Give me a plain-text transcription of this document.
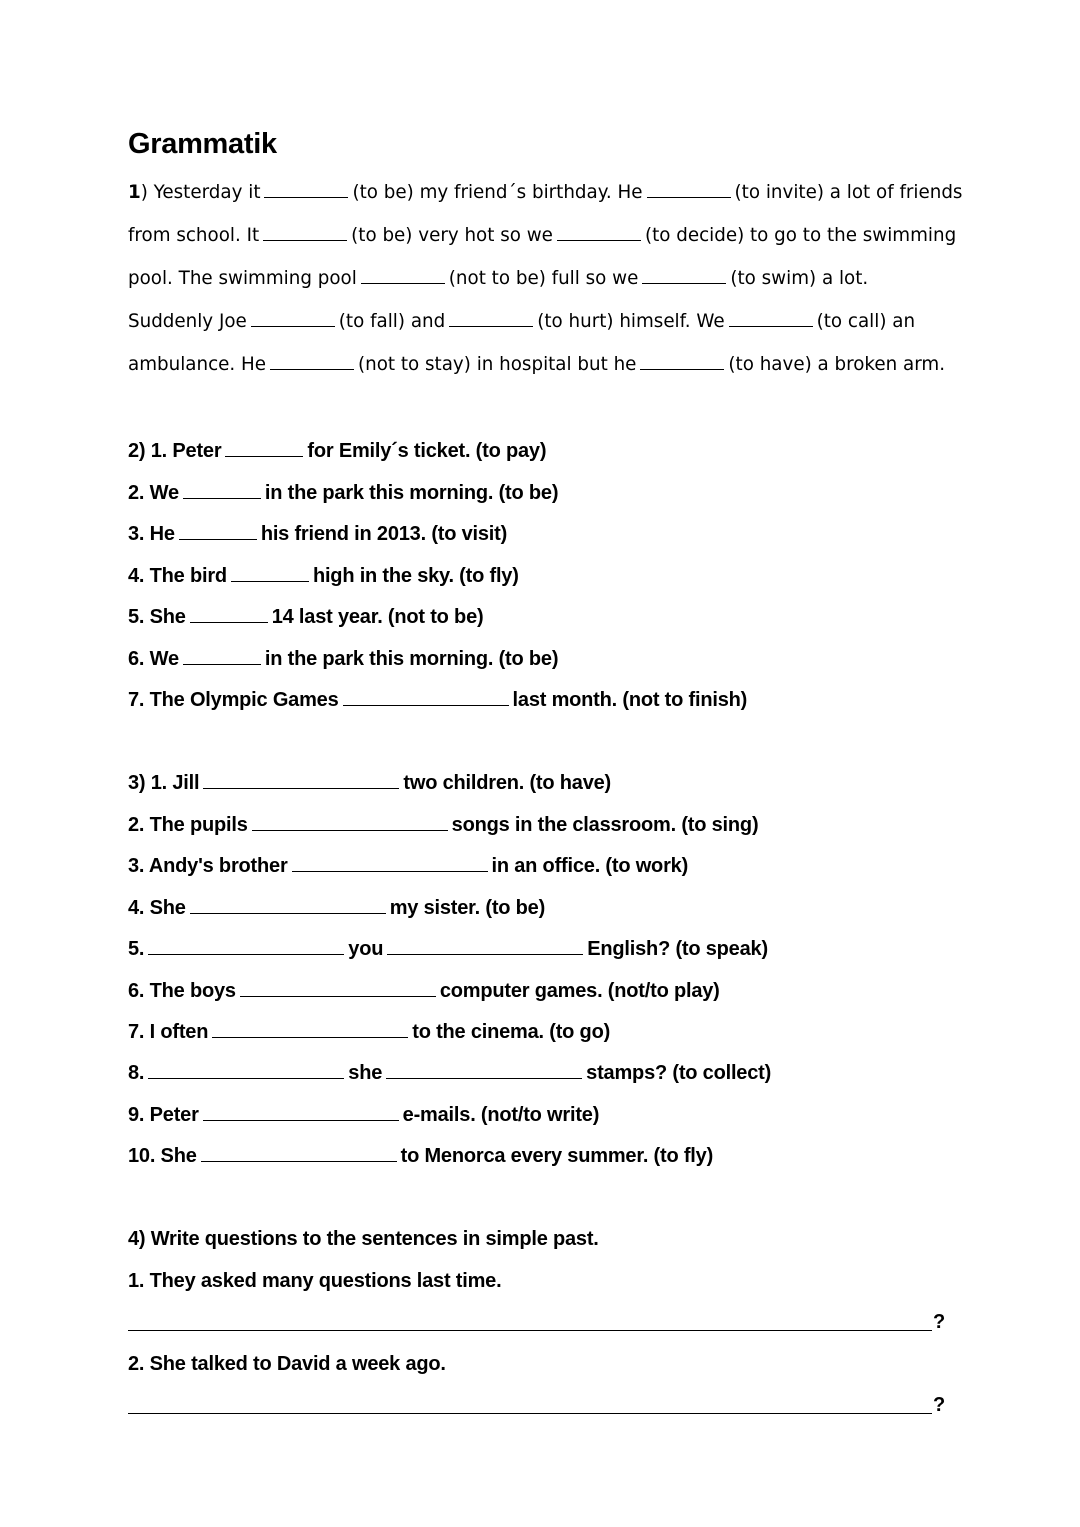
Grammatik
1) Yesterday it	(to be) my friend´s birthday. He	(to invite) a lot of friends
from school. It	(to be) very hot so we	(to decide) to go to the swimming
pool. The swimming pool	(not to be) full so we	(to swim) a lot.
Suddenly Joe	(to fall) and	(to hurt) himself. We	(to call) an
ambulance. He	(not to stay) in hospital but he	(to have) a broken arm.
2) 1. Peter	for Emily´s ticket. (to pay)
2. We	in the park this morning. (to be)
3. He	his friend in 2013. (to visit)
4. The bird	high in the sky. (to fly)
5. She	14 last year. (not to be)
6. We	in the park this morning. (to be)
7. The Olympic Games	last month. (not to finish)
3) 1. Jill	two children. (to have)
2. The pupils	songs in the classroom. (to sing)
3. Andy's brother	in an office. (to work)
4. She	my sister. (to be)
5.	you	English? (to speak)
6. The boys	computer games. (not/to play)
7. I often	to the cinema. (to go)
8.	she	stamps? (to collect)
9. Peter	e-mails. (not/to write)
10. She	to Menorca every summer. (to fly)
4) Write questions to the sentences in simple past.
1. They asked many questions last time.
?
2. She talked to David a week ago.
?
